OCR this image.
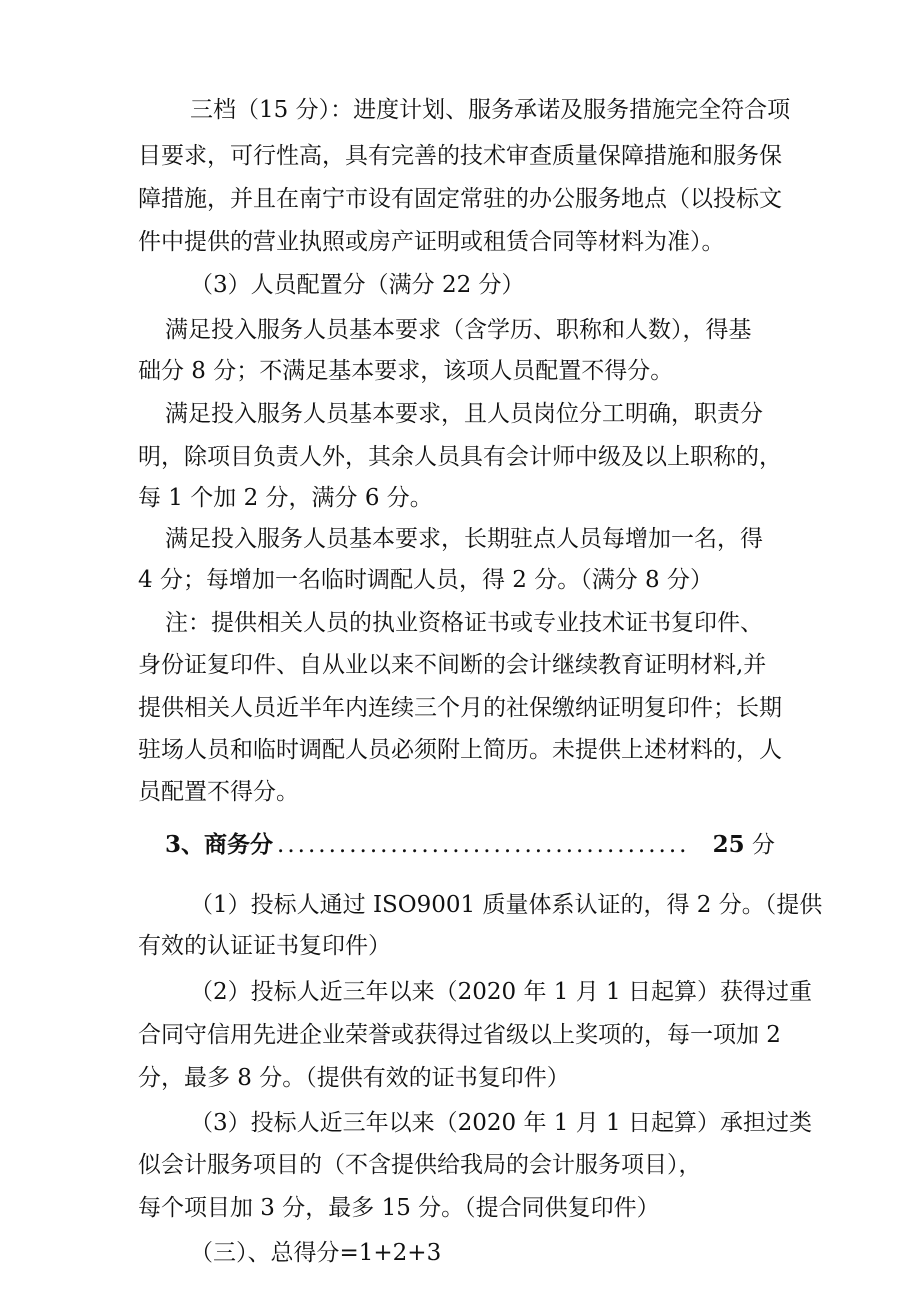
三档（15 分）：进度计划、服务承诺及服务措施完全符合项
目要求，可行性高，具有完善的技术审查质量保障措施和服务保
障措施，并且在南宁市设有固定常驻的办公服务地点（以投标文
件中提供的营业执照或房产证明或租赁合同等材料为准）。
（3）人员配置分（满分 22 分）
满足投入服务人员基本要求（含学历、职称和人数），得基
础分 8 分；不满足基本要求，该项人员配置不得分。
满足投入服务人员基本要求，且人员岗位分工明确，职责分
明，除项目负责人外，其余人员具有会计师中级及以上职称的，
每 1 个加 2 分，满分 6 分。
满足投入服务人员基本要求，长期驻点人员每增加一名，得
4 分；每增加一名临时调配人员，得 2 分。（满分 8 分）
注：提供相关人员的执业资格证书或专业技术证书复印件、
身份证复印件、自从业以来不间断的会计继续教育证明材料,并
提供相关人员近半年内连续三个月的社保缴纳证明复印件；长期
驻场人员和临时调配人员必须附上简历。未提供上述材料的，人
员配置不得分。
3、商务分 ........................................	25 分
（1）投标人通过 ISO9001 质量体系认证的，得 2 分。（提供
有效的认证证书复印件）
（2）投标人近三年以来（2020 年 1 月 1 日起算）获得过重
合同守信用先进企业荣誉或获得过省级以上奖项的，每一项加 2
分，最多 8 分。（提供有效的证书复印件）
（3）投标人近三年以来（2020 年 1 月 1 日起算）承担过类
似会计服务项目的（不含提供给我局的会计服务项目），
每个项目加 3 分，最多 15 分。（提合同供复印件）
（三）、总得分=1+2+3
